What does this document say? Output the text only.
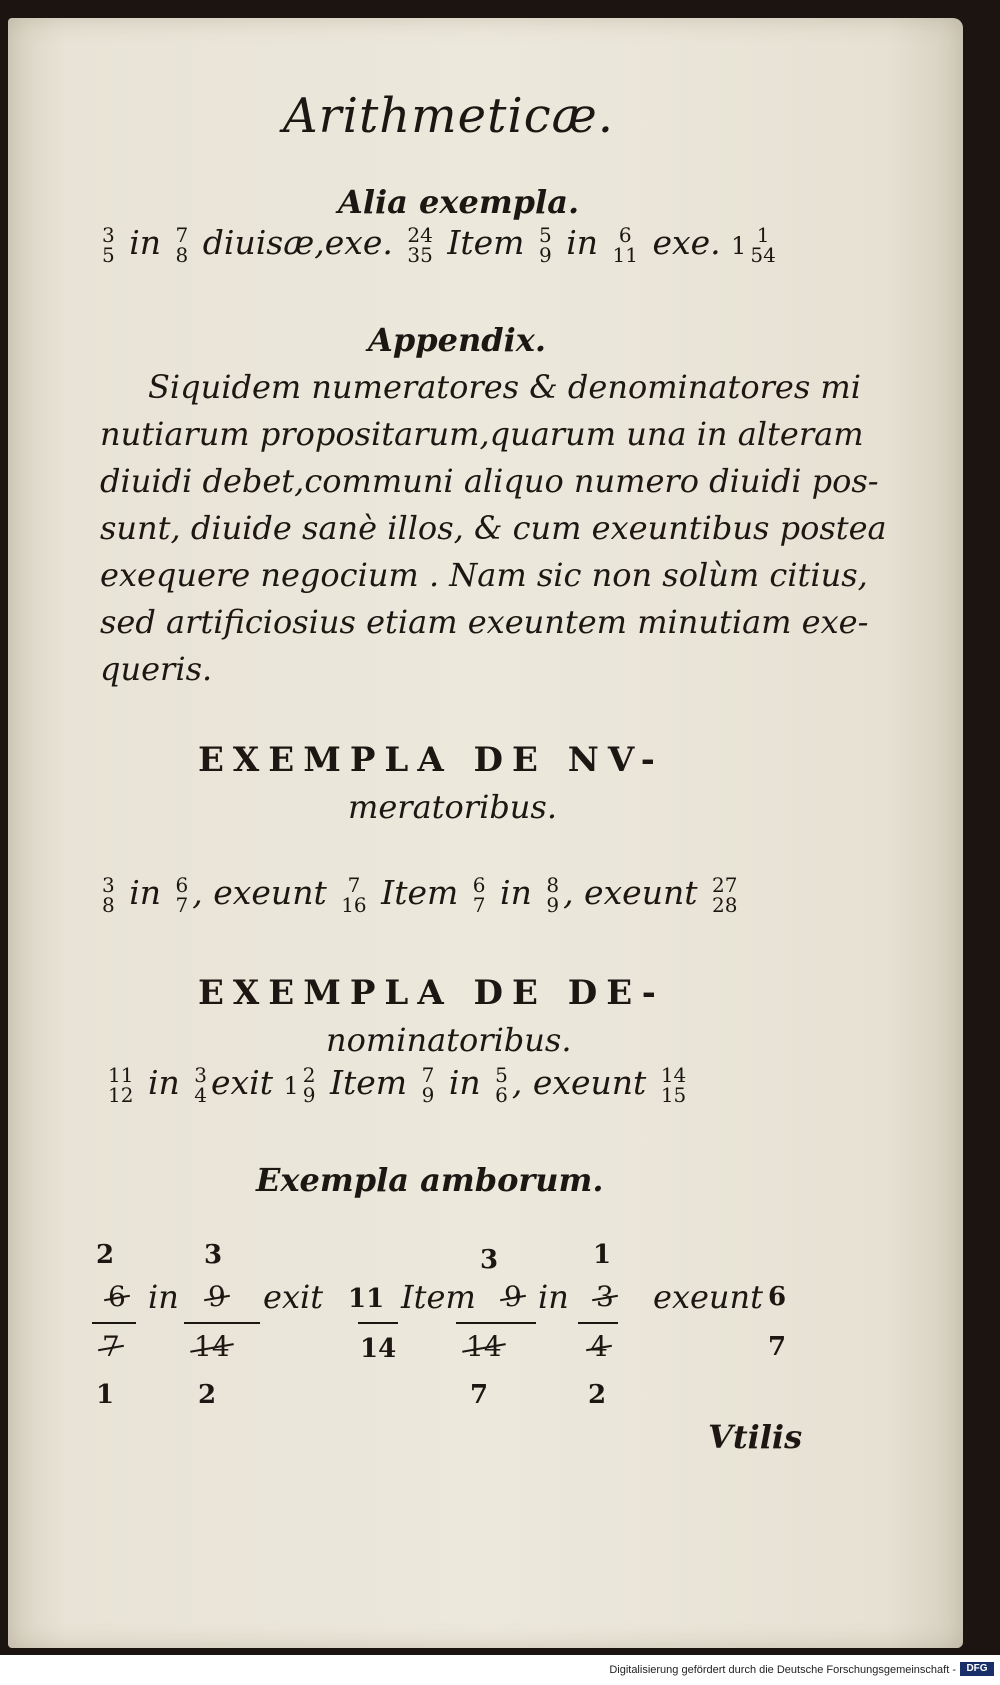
Arithmeticæ.
Alia exempla.
3
5 in 7
8 diuisæ,exe. 24
35 Item 5
9 in	6
11 exe. 1 1
54
Appendix.
Siquidem numeratores & denominatores mi
nutiarum propositarum,quarum una in alteram
diuidi debet,communi aliquo numero diuidi pos-
sunt, diuide sanè illos, & cum exeuntibus postea
exequere negocium . Nam sic non solùm citius,
sed artificiosius etiam exeuntem minutiam exe-
queris.
EXEMPLA DE NV-
meratoribus.
3
8 in 6
7 , exeunt	7
16 Item 6
7 in 8
9 , exeunt 27
28
EXEMPLA DE DE-
nominatoribus.
11
12 in 3
4 exit 1 2
9 Item 7
9 in 5
6 , exeunt 14
15
Exempla amborum.
2	3	3	1
6 in 9 exit 11 Item 9 in 3 exeunt 6
7	14	14 14	4	7
1	2	7	2
Vtilis
Digitalisierung gefördert durch die Deutsche Forschungsgemeinschaft -	DFG
